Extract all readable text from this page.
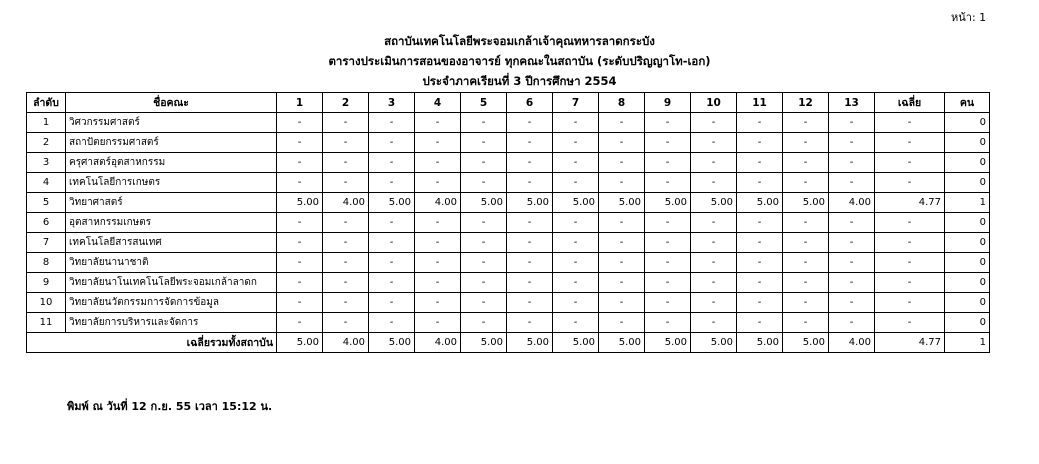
หน้า: 1
สถาบันเทคโนโลยีพระจอมเกล้าเจ้าคุณทหารลาดกระบัง
ตารางประเมินการสอนของอาจารย์ ทุกคณะในสถาบัน (ระดับปริญญาโท-เอก)
ประจำภาคเรียนที่ 3 ปีการศึกษา 2554
ลำดับ	ชื่อคณะ	1	2	3	4	5	6	7	8	9	10	11	12	13	เฉลี่ย	คน
1	วิศวกรรมศาสตร์	-	-	-	-	-	-	-	-	-	-	-	-	-	-	0
2	สถาปัตยกรรมศาสตร์	-	-	-	-	-	-	-	-	-	-	-	-	-	-	0
3	ครุศาสตร์อุตสาหกรรม	-	-	-	-	-	-	-	-	-	-	-	-	-	-	0
4	เทคโนโลยีการเกษตร	-	-	-	-	-	-	-	-	-	-	-	-	-	-	0
5	วิทยาศาสตร์	5.00	4.00	5.00	4.00	5.00	5.00	5.00	5.00	5.00	5.00	5.00	5.00	4.00	4.77	1
6	อุตสาหกรรมเกษตร	-	-	-	-	-	-	-	-	-	-	-	-	-	-	0
7	เทคโนโลยีสารสนเทศ	-	-	-	-	-	-	-	-	-	-	-	-	-	-	0
8	วิทยาลัยนานาชาติ	-	-	-	-	-	-	-	-	-	-	-	-	-	-	0
9	วิทยาลัยนาโนเทคโนโลยีพระจอมเกล้าลาดก	-	-	-	-	-	-	-	-	-	-	-	-	-	-	0
10	วิทยาลัยนวัตกรรมการจัดการข้อมูล	-	-	-	-	-	-	-	-	-	-	-	-	-	-	0
11	วิทยาลัยการบริหารและจัดการ	-	-	-	-	-	-	-	-	-	-	-	-	-	-	0
เฉลี่ยรวมทั้งสถาบัน		5.00	4.00	5.00	4.00	5.00	5.00	5.00	5.00	5.00	5.00	5.00	5.00	4.00	4.77	1
พิมพ์ ณ วันที่ 12 ก.ย. 55 เวลา 15:12 น.
